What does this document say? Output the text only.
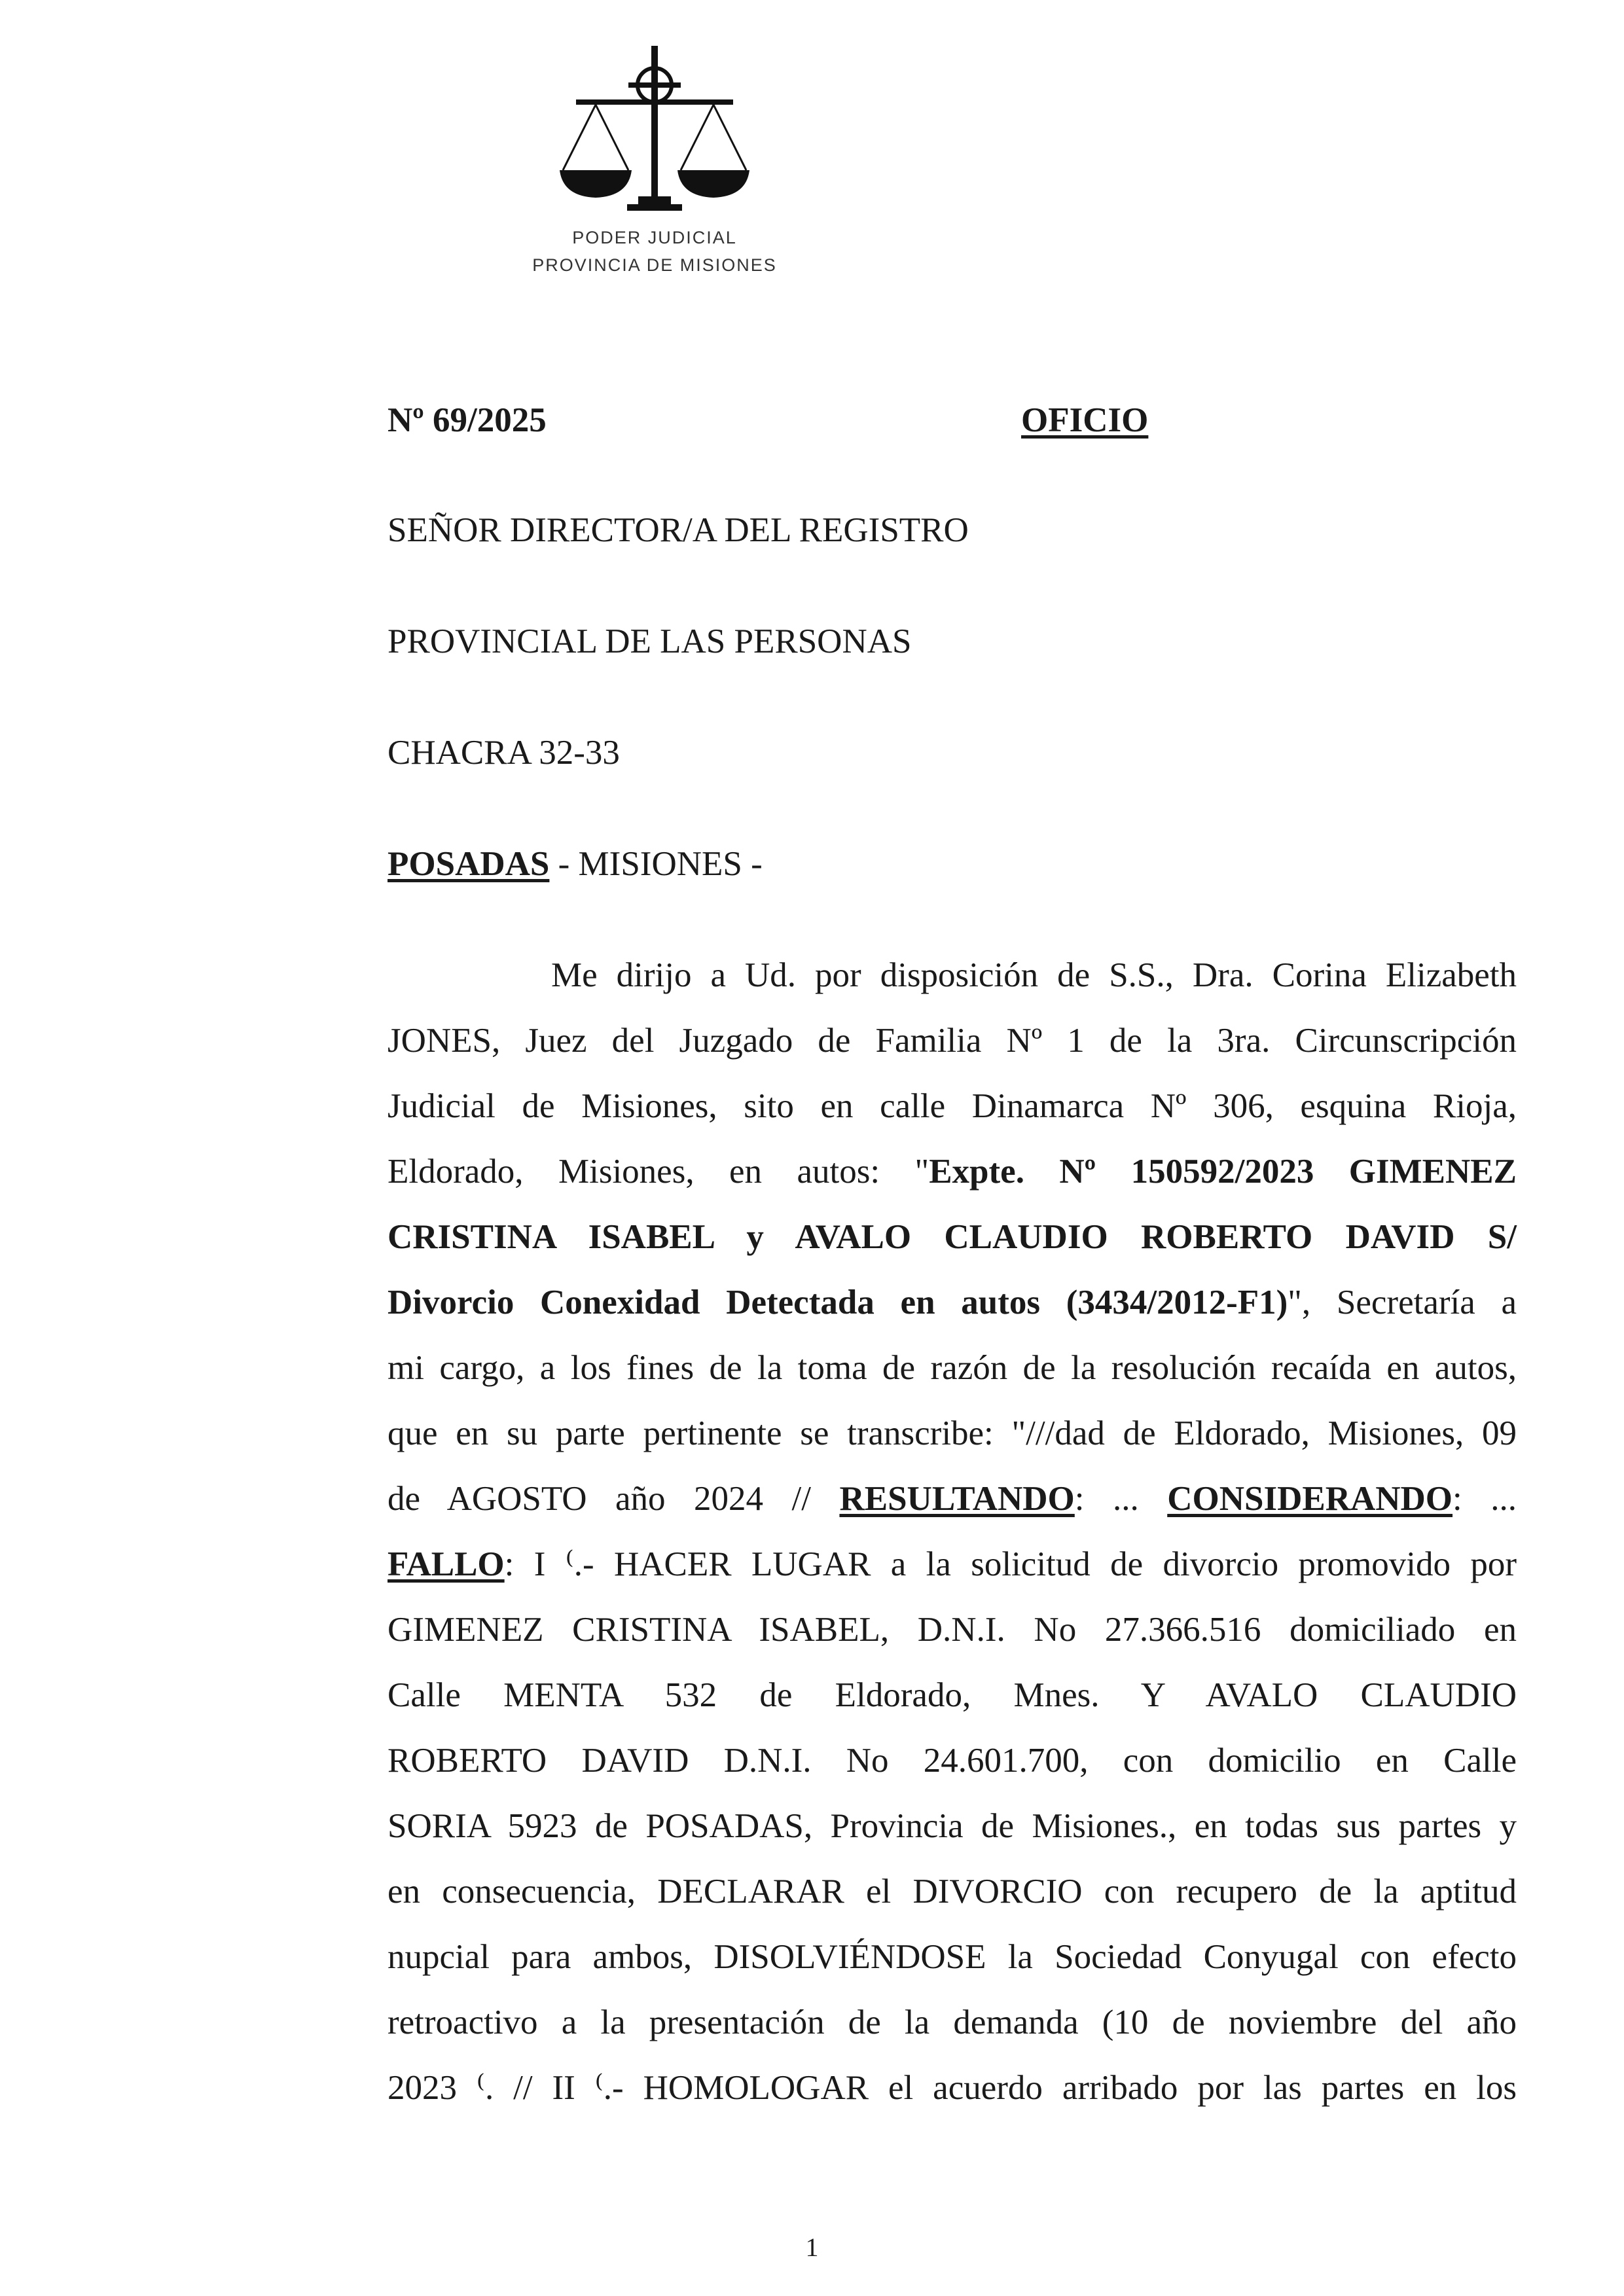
PODER JUDICIAL
PROVINCIA DE MISIONES
Nº 69/2025	OFICIO
SEÑOR DIRECTOR/A DEL REGISTRO
PROVINCIAL DE LAS PERSONAS
CHACRA 32-33
POSADAS - MISIONES -
Me dirijo a Ud. por disposición de S.S., Dra. Corina Elizabeth
JONES, Juez del Juzgado de Familia Nº 1 de la 3ra. Circunscripción
Judicial de Misiones, sito en calle Dinamarca Nº 306, esquina Rioja,
Eldorado, Misiones, en autos: "Expte. Nº 150592/2023 GIMENEZ
CRISTINA ISABEL y AVALO CLAUDIO ROBERTO DAVID S/
Divorcio Conexidad Detectada en autos (3434/2012-F1)", Secretaría a
mi cargo, a los fines de la toma de razón de la resolución recaída en autos,
que en su parte pertinente se transcribe: "///dad de Eldorado, Misiones, 09
de AGOSTO año 2024 // RESULTANDO: ... CONSIDERANDO: ...
FALLO: I ⁽.- HACER LUGAR a la solicitud de divorcio promovido por
GIMENEZ CRISTINA ISABEL, D.N.I. No 27.366.516 domiciliado en
Calle MENTA 532 de Eldorado, Mnes. Y AVALO CLAUDIO
ROBERTO DAVID D.N.I. No 24.601.700, con domicilio en Calle
SORIA 5923 de POSADAS, Provincia de Misiones., en todas sus partes y
en consecuencia, DECLARAR el DIVORCIO con recupero de la aptitud
nupcial para ambos, DISOLVIÉNDOSE la Sociedad Conyugal con efecto
retroactivo a la presentación de la demanda (10 de noviembre del año
2023 ⁽. // II ⁽.- HOMOLOGAR el acuerdo arribado por las partes en los
1
